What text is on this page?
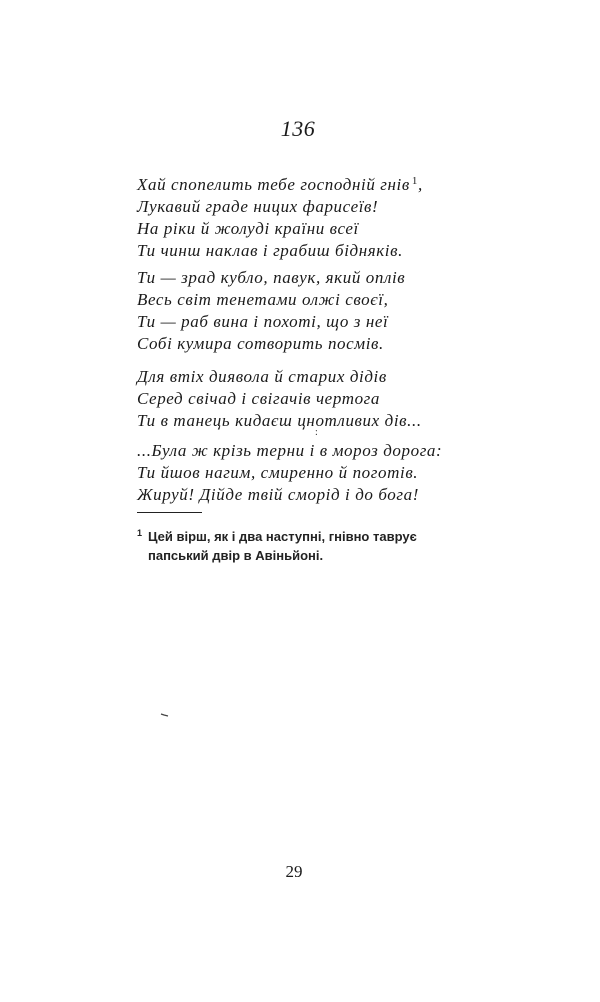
136

Хай спопелить тебе господній гнів $^1$,
Лукавий граде ницих фарисеїв!
На ріки й жолуді країни всеї
Ти чинш наклав і грабиш бідняків.

Ти — зрад кубло, павук, який оплів
Весь світ тенетами олжі своєї,
Ти — раб вина і похоті, що з неї
Собі кумира сотворить посмів.

Для втіх диявола й старих дідів
Серед свічад і свігачів чертога
Ти в танець кидаєш цнотливих дів...

:

...Була ж крізь терни і в мороз дорога:
Ти йшов нагим, смиренно й поготів.
Жируй! Дійде твій сморід і до бога!

1 Цей вірш, як і два наступні, гнівно таврує
папський двір в Авіньйоні.
29
